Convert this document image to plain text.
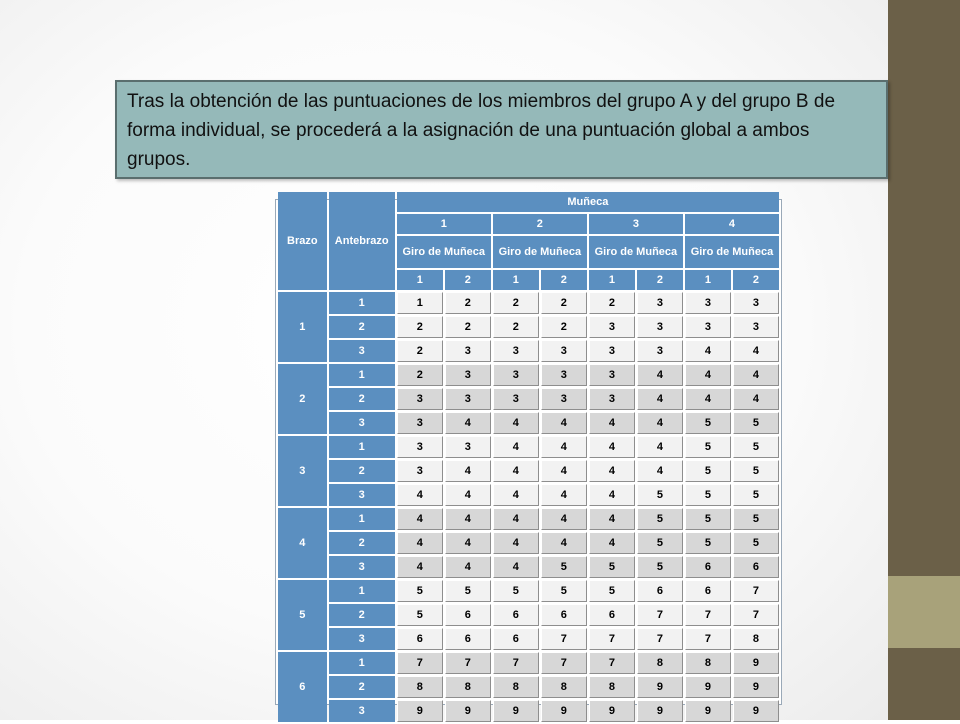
Tras la obtención de las puntuaciones de los miembros del grupo A y del grupo B de forma individual, se procederá a la asignación de una puntuación global a ambos grupos.
Brazo	Antebrazo	Muñeca							
		1		2		3		4	
		Giro de Muñeca		Giro de Muñeca		Giro de Muñeca		Giro de Muñeca	
		1	2	1	2	1	2	1	2
1	1	1	2	2	2	2	3	3	3
	2	2	2	2	2	3	3	3	3
	3	2	3	3	3	3	3	4	4
2	1	2	3	3	3	3	4	4	4
	2	3	3	3	3	3	4	4	4
	3	3	4	4	4	4	4	5	5
3	1	3	3	4	4	4	4	5	5
	2	3	4	4	4	4	4	5	5
	3	4	4	4	4	4	5	5	5
4	1	4	4	4	4	4	5	5	5
	2	4	4	4	4	4	5	5	5
	3	4	4	4	5	5	5	6	6
5	1	5	5	5	5	5	6	6	7
	2	5	6	6	6	6	7	7	7
	3	6	6	6	7	7	7	7	8
6	1	7	7	7	7	7	8	8	9
	2	8	8	8	8	8	9	9	9
	3	9	9	9	9	9	9	9	9
